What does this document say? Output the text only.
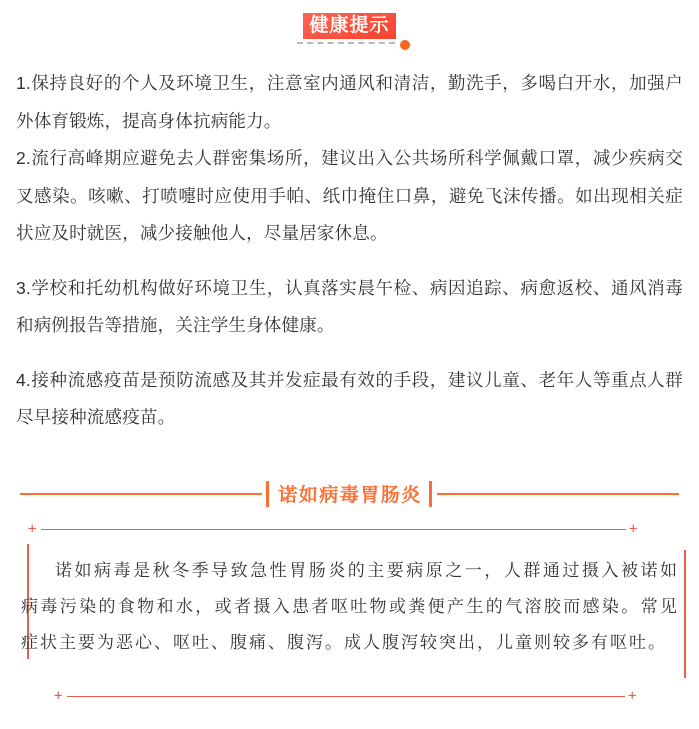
健康提示

1.保持良好的个人及环境卫生，注意室内通风和清洁，勤洗手，多喝白开水，加强户外体育锻炼，提高身体抗病能力。

2.流行高峰期应避免去人群密集场所，建议出入公共场所科学佩戴口罩，减少疾病交叉感染。咳嗽、打喷嚏时应使用手帕、纸巾掩住口鼻，避免飞沫传播。如出现相关症状应及时就医，减少接触他人，尽量居家休息。

3.学校和托幼机构做好环境卫生，认真落实晨午检、病因追踪、病愈返校、通风消毒和病例报告等措施，关注学生身体健康。

4.接种流感疫苗是预防流感及其并发症最有效的手段，建议儿童、老年人等重点人群尽早接种流感疫苗。

诺如病毒胃肠炎
+	+
+	+

诺如病毒是秋冬季导致急性胃肠炎的主要病原之一，人群通过摄入被诺如病毒污染的食物和水，或者摄入患者呕吐物或粪便产生的气溶胶而感染。常见症状主要为恶心、呕吐、腹痛、腹泻。成人腹泻较突出，儿童则较多有呕吐。
